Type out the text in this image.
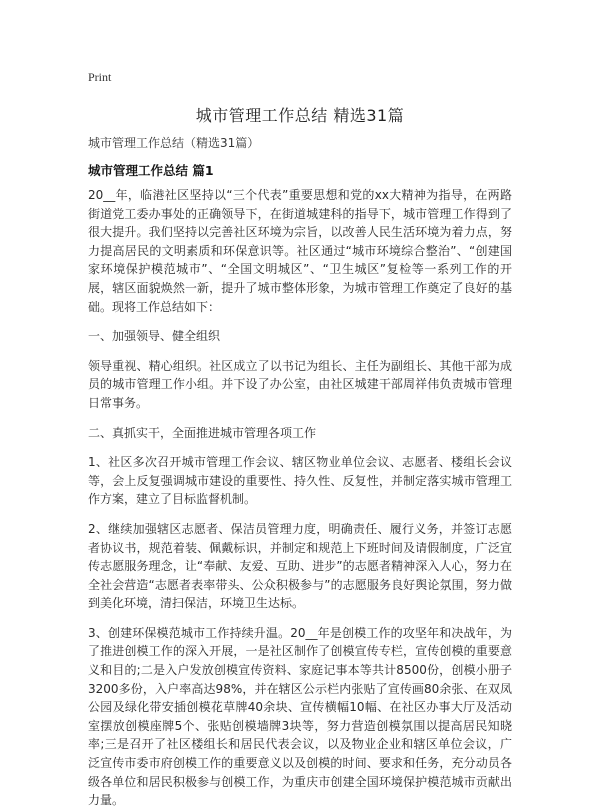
Print
城市管理工作总结 精选31篇
城市管理工作总结（精选31篇）
城市管理工作总结 篇1

20__年，临港社区坚持以“三个代表”重要思想和党的xx大精神为指导，在两路街道党工委办事处的正确领导下，在街道城建科的指导下，城市管理工作得到了很大提升。我们坚持以完善社区环境为宗旨，以改善人民生活环境为着力点，努力提高居民的文明素质和环保意识等。社区通过“城市环境综合整治”、“创建国家环境保护模范城市”、“全国文明城区”、“卫生城区”复检等一系列工作的开展，辖区面貌焕然一新，提升了城市整体形象，为城市管理工作奠定了良好的基础。现将工作总结如下：

一、加强领导、健全组织

领导重视、精心组织。社区成立了以书记为组长、主任为副组长、其他干部为成员的城市管理工作小组。并下设了办公室，由社区城建干部周祥伟负责城市管理日常事务。

二、真抓实干，全面推进城市管理各项工作

1、社区多次召开城市管理工作会议、辖区物业单位会议、志愿者、楼组长会议等，会上反复强调城市建设的重要性、持久性、反复性，并制定落实城市管理工作方案，建立了目标监督机制。

2、继续加强辖区志愿者、保洁员管理力度，明确责任、履行义务，并签订志愿者协议书，规范着装、佩戴标识，并制定和规范上下班时间及请假制度，广泛宣传志愿服务理念，让“奉献、友爱、互助、进步”的志愿者精神深入人心，努力在全社会营造“志愿者表率带头、公众积极参与”的志愿服务良好舆论氛围，努力做到美化环境，清扫保洁，环境卫生达标。

3、创建环保模范城市工作持续升温。20__年是创模工作的攻坚年和决战年，为了推进创模工作的深入开展，一是社区制作了创模宣传专栏，宣传创模的重要意义和目的;二是入户发放创模宣传资料、家庭记事本等共计8500份，创模小册子3200多份，入户率高达98%，并在辖区公示栏内张贴了宣传画80余张、在双凤公园及绿化带安插创模花草牌40余块、宣传横幅10幅、在社区办事大厅及活动室摆放创模座牌5个、张贴创模墙牌3块等，努力营造创模氛围以提高居民知晓率;三是召开了社区楼组长和居民代表会议，以及物业企业和辖区单位会议，广泛宣传市委市府创模工作的重要意义以及创模的时间、要求和任务，充分动员各级各单位和居民积极参与创模工作，为重庆市创建全国环境保护模范城市贡献出力量。
